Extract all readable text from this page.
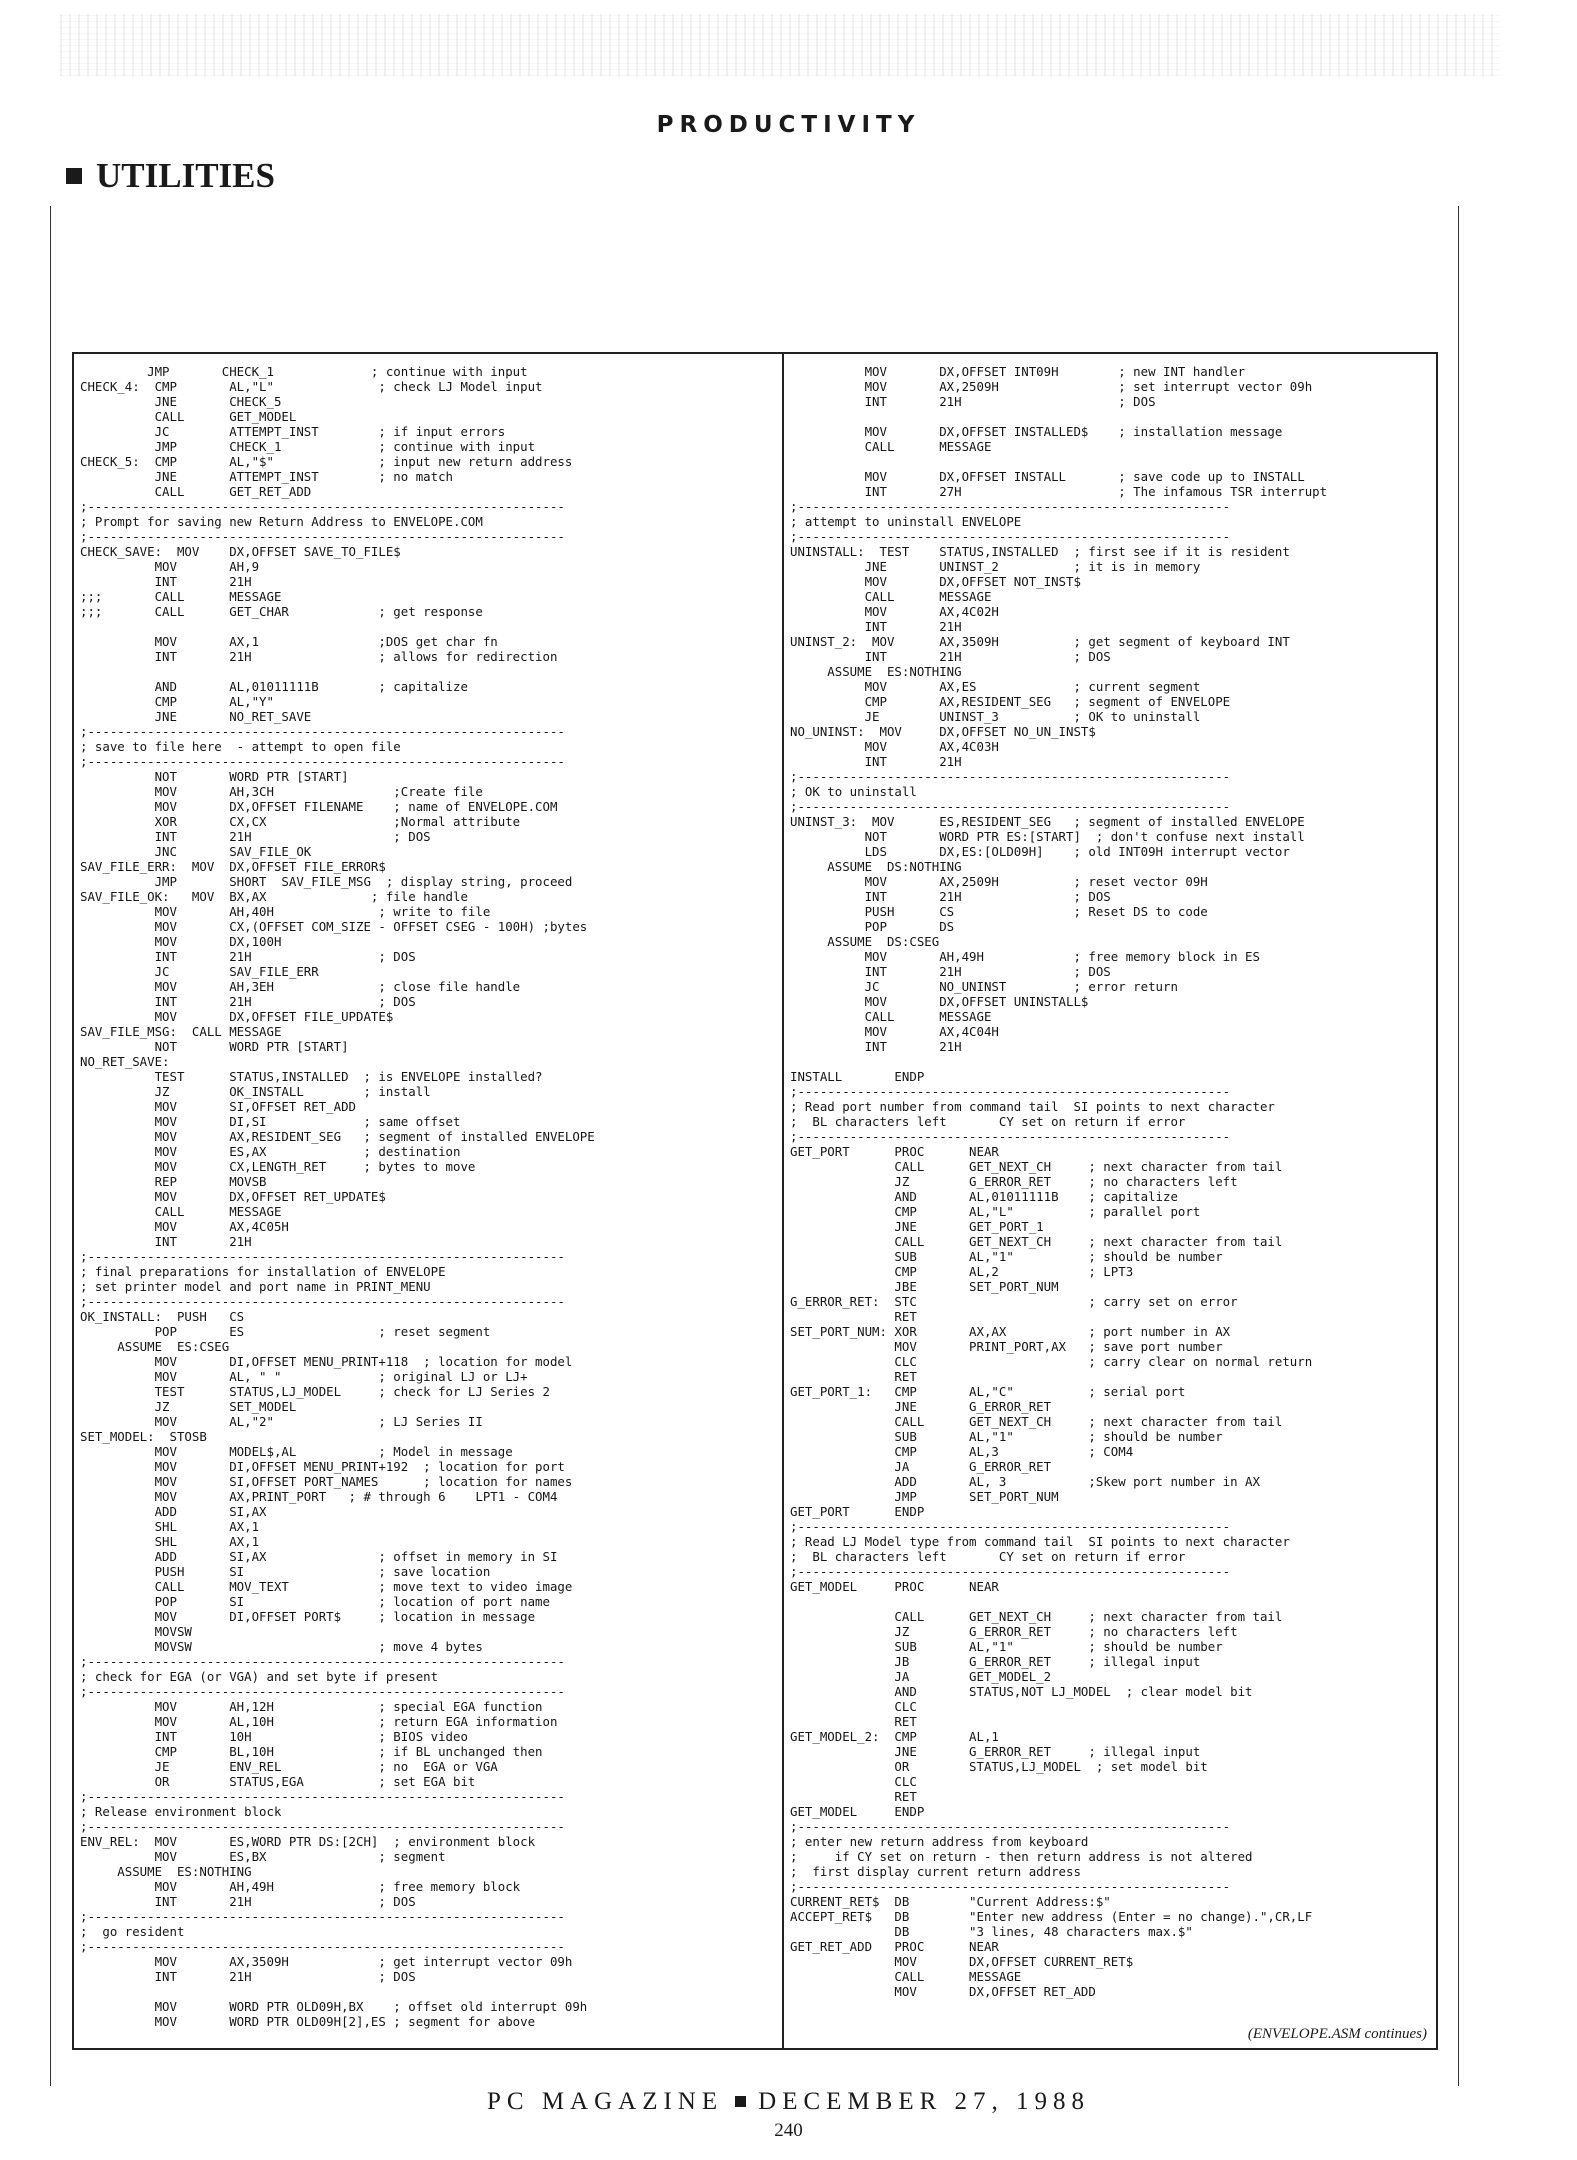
PRODUCTIVITY
UTILITIES
JMP       CHECK_1             ; continue with input
CHECK_4:  CMP       AL,"L"              ; check LJ Model input
JNE       CHECK_5
CALL      GET_MODEL
JC        ATTEMPT_INST        ; if input errors
JMP       CHECK_1             ; continue with input
CHECK_5:  CMP       AL,"$"              ; input new return address
JNE       ATTEMPT_INST        ; no match
CALL      GET_RET_ADD
;----------------------------------------------------------------
; Prompt for saving new Return Address to ENVELOPE.COM
;----------------------------------------------------------------
CHECK_SAVE:  MOV    DX,OFFSET SAVE_TO_FILE$
MOV       AH,9
INT       21H
;;;       CALL      MESSAGE
;;;       CALL      GET_CHAR            ; get response

MOV       AX,1                ;DOS get char fn
INT       21H                 ; allows for redirection

AND       AL,01011111B        ; capitalize
CMP       AL,"Y"
JNE       NO_RET_SAVE
;----------------------------------------------------------------
; save to file here  - attempt to open file
;----------------------------------------------------------------
NOT       WORD PTR [START]
MOV       AH,3CH                ;Create file
MOV       DX,OFFSET FILENAME    ; name of ENVELOPE.COM
XOR       CX,CX                 ;Normal attribute
INT       21H                   ; DOS
JNC       SAV_FILE_OK
SAV_FILE_ERR:  MOV  DX,OFFSET FILE_ERROR$
JMP       SHORT  SAV_FILE_MSG  ; display string, proceed
SAV_FILE_OK:   MOV  BX,AX              ; file handle
MOV       AH,40H              ; write to file
MOV       CX,(OFFSET COM_SIZE - OFFSET CSEG - 100H) ;bytes
MOV       DX,100H
INT       21H                 ; DOS
JC        SAV_FILE_ERR
MOV       AH,3EH              ; close file handle
INT       21H                 ; DOS
MOV       DX,OFFSET FILE_UPDATE$
SAV_FILE_MSG:  CALL MESSAGE
NOT       WORD PTR [START]
NO_RET_SAVE:
TEST      STATUS,INSTALLED  ; is ENVELOPE installed?
JZ        OK_INSTALL        ; install
MOV       SI,OFFSET RET_ADD
MOV       DI,SI             ; same offset
MOV       AX,RESIDENT_SEG   ; segment of installed ENVELOPE
MOV       ES,AX             ; destination
MOV       CX,LENGTH_RET     ; bytes to move
REP       MOVSB
MOV       DX,OFFSET RET_UPDATE$
CALL      MESSAGE
MOV       AX,4C05H
INT       21H
;----------------------------------------------------------------
; final preparations for installation of ENVELOPE
; set printer model and port name in PRINT_MENU
;----------------------------------------------------------------
OK_INSTALL:  PUSH   CS
POP       ES                  ; reset segment
ASSUME  ES:CSEG
MOV       DI,OFFSET MENU_PRINT+118  ; location for model
MOV       AL, " "             ; original LJ or LJ+
TEST      STATUS,LJ_MODEL     ; check for LJ Series 2
JZ        SET_MODEL
MOV       AL,"2"              ; LJ Series II
SET_MODEL:  STOSB
MOV       MODEL$,AL           ; Model in message
MOV       DI,OFFSET MENU_PRINT+192  ; location for port
MOV       SI,OFFSET PORT_NAMES      ; location for names
MOV       AX,PRINT_PORT   ; # through 6    LPT1 - COM4
ADD       SI,AX
SHL       AX,1
SHL       AX,1
ADD       SI,AX               ; offset in memory in SI
PUSH      SI                  ; save location
CALL      MOV_TEXT            ; move text to video image
POP       SI                  ; location of port name
MOV       DI,OFFSET PORT$     ; location in message
MOVSW
MOVSW                         ; move 4 bytes
;----------------------------------------------------------------
; check for EGA (or VGA) and set byte if present
;----------------------------------------------------------------
MOV       AH,12H              ; special EGA function
MOV       AL,10H              ; return EGA information
INT       10H                 ; BIOS video
CMP       BL,10H              ; if BL unchanged then
JE        ENV_REL             ; no  EGA or VGA
OR        STATUS,EGA          ; set EGA bit
;----------------------------------------------------------------
; Release environment block
;----------------------------------------------------------------
ENV_REL:  MOV       ES,WORD PTR DS:[2CH]  ; environment block
MOV       ES,BX               ; segment
ASSUME  ES:NOTHING
MOV       AH,49H              ; free memory block
INT       21H                 ; DOS
;----------------------------------------------------------------
;  go resident
;----------------------------------------------------------------
MOV       AX,3509H            ; get interrupt vector 09h
INT       21H                 ; DOS

MOV       WORD PTR OLD09H,BX    ; offset old interrupt 09h
MOV       WORD PTR OLD09H[2],ES ; segment for above
MOV       DX,OFFSET INT09H        ; new INT handler
MOV       AX,2509H                ; set interrupt vector 09h
INT       21H                     ; DOS

MOV       DX,OFFSET INSTALLED$    ; installation message
CALL      MESSAGE

MOV       DX,OFFSET INSTALL       ; save code up to INSTALL
INT       27H                     ; The infamous TSR interrupt
;----------------------------------------------------------
; attempt to uninstall ENVELOPE
;----------------------------------------------------------
UNINSTALL:  TEST    STATUS,INSTALLED  ; first see if it is resident
JNE       UNINST_2          ; it is in memory
MOV       DX,OFFSET NOT_INST$
CALL      MESSAGE
MOV       AX,4C02H
INT       21H
UNINST_2:  MOV      AX,3509H          ; get segment of keyboard INT
INT       21H               ; DOS
ASSUME  ES:NOTHING
MOV       AX,ES             ; current segment
CMP       AX,RESIDENT_SEG   ; segment of ENVELOPE
JE        UNINST_3          ; OK to uninstall
NO_UNINST:  MOV     DX,OFFSET NO_UN_INST$
MOV       AX,4C03H
INT       21H
;----------------------------------------------------------
; OK to uninstall
;----------------------------------------------------------
UNINST_3:  MOV      ES,RESIDENT_SEG   ; segment of installed ENVELOPE
NOT       WORD PTR ES:[START]  ; don't confuse next install
LDS       DX,ES:[OLD09H]    ; old INT09H interrupt vector
ASSUME  DS:NOTHING
MOV       AX,2509H          ; reset vector 09H
INT       21H               ; DOS
PUSH      CS                ; Reset DS to code
POP       DS
ASSUME  DS:CSEG
MOV       AH,49H            ; free memory block in ES
INT       21H               ; DOS
JC        NO_UNINST         ; error return
MOV       DX,OFFSET UNINSTALL$
CALL      MESSAGE
MOV       AX,4C04H
INT       21H

INSTALL       ENDP
;----------------------------------------------------------
; Read port number from command tail  SI points to next character
;  BL characters left       CY set on return if error
;----------------------------------------------------------
GET_PORT      PROC      NEAR
CALL      GET_NEXT_CH     ; next character from tail
JZ        G_ERROR_RET     ; no characters left
AND       AL,01011111B    ; capitalize
CMP       AL,"L"          ; parallel port
JNE       GET_PORT_1
CALL      GET_NEXT_CH     ; next character from tail
SUB       AL,"1"          ; should be number
CMP       AL,2            ; LPT3
JBE       SET_PORT_NUM
G_ERROR_RET:  STC                       ; carry set on error
RET
SET_PORT_NUM: XOR       AX,AX           ; port number in AX
MOV       PRINT_PORT,AX   ; save port number
CLC                       ; carry clear on normal return
RET
GET_PORT_1:   CMP       AL,"C"          ; serial port
JNE       G_ERROR_RET
CALL      GET_NEXT_CH     ; next character from tail
SUB       AL,"1"          ; should be number
CMP       AL,3            ; COM4
JA        G_ERROR_RET
ADD       AL, 3           ;Skew port number in AX
JMP       SET_PORT_NUM
GET_PORT      ENDP
;----------------------------------------------------------
; Read LJ Model type from command tail  SI points to next character
;  BL characters left       CY set on return if error
;----------------------------------------------------------
GET_MODEL     PROC      NEAR

CALL      GET_NEXT_CH     ; next character from tail
JZ        G_ERROR_RET     ; no characters left
SUB       AL,"1"          ; should be number
JB        G_ERROR_RET     ; illegal input
JA        GET_MODEL_2
AND       STATUS,NOT LJ_MODEL  ; clear model bit
CLC
RET
GET_MODEL_2:  CMP       AL,1
JNE       G_ERROR_RET     ; illegal input
OR        STATUS,LJ_MODEL  ; set model bit
CLC
RET
GET_MODEL     ENDP
;----------------------------------------------------------
; enter new return address from keyboard
;     if CY set on return - then return address is not altered
;  first display current return address
;----------------------------------------------------------
CURRENT_RET$  DB        "Current Address:$"
ACCEPT_RET$   DB        "Enter new address (Enter = no change).",CR,LF
DB        "3 lines, 48 characters max.$"
GET_RET_ADD   PROC      NEAR
MOV       DX,OFFSET CURRENT_RET$
CALL      MESSAGE
MOV       DX,OFFSET RET_ADD
(ENVELOPE.ASM continues)
PC MAGAZINE DECEMBER 27, 1988
240
